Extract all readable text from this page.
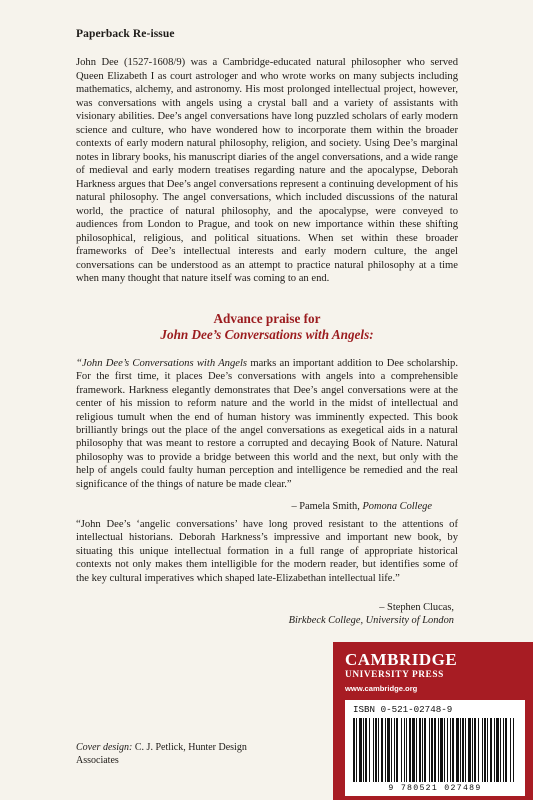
Paperback Re-issue

John Dee (1527-1608/9) was a Cambridge-educated natural philosopher who served Queen Elizabeth I as court astrologer and who wrote works on many subjects including mathematics, alchemy, and astronomy. His most prolonged intellectual project, however, was conversations with angels using a crystal ball and a variety of assistants with visionary abilities. Dee’s angel conversations have long puzzled scholars of early modern science and culture, who have wondered how to incorporate them within the broader contexts of early modern natural philosophy, religion, and society. Using Dee’s marginal notes in library books, his manuscript diaries of the angel conversations, and a wide range of medieval and early modern treatises regarding nature and the apocalypse, Deborah Harkness argues that Dee’s angel conversations represent a continuing development of his natural philosophy. The angel conversations, which included discussions of the natural world, the practice of natural philosophy, and the apocalypse, were conveyed to audiences from London to Prague, and took on new importance within these shifting philosophical, religious, and political situations. When set within these broader frameworks of Dee’s intellectual interests and early modern culture, the angel conversations can be understood as an attempt to practice natural philosophy at a time when many thought that nature itself was coming to an end.

Advance praise for
John Dee’s Conversations with Angels:

“John Dee’s Conversations with Angels marks an important addition to Dee scholarship. For the first time, it places Dee’s conversations with angels into a comprehensible framework. Harkness elegantly demonstrates that Dee’s angel conversations were at the center of his mission to reform nature and the world in the midst of intellectual and religious tumult when the end of human history was imminently expected. This book brilliantly brings out the place of the angel conversations as exegetical aids in a natural philosophy that was meant to restore a corrupted and decaying Book of Nature. Natural philosophy was to provide a bridge between this world and the next, but only with the help of angels could faulty human perception and intelligence be remedied and the real significance of the things of nature be made clear.”

– Pamela Smith, Pomona College

“John Dee’s ‘angelic conversations’ have long proved resistant to the attentions of intellectual historians. Deborah Harkness’s impressive and important new book, by situating this unique intellectual formation in a full range of appropriate historical contexts not only makes them intelligible for the modern reader, but identifies some of the key cultural imperatives which shaped late-Elizabethan intellectual life.”

– Stephen Clucas,
Birkbeck College, University of London
Cover design: C. J. Petlick, Hunter Design Associates
CAMBRIDGE
UNIVERSITY PRESS
www.cambridge.org
ISBN 0-521-02748-9
9 780521 027489
